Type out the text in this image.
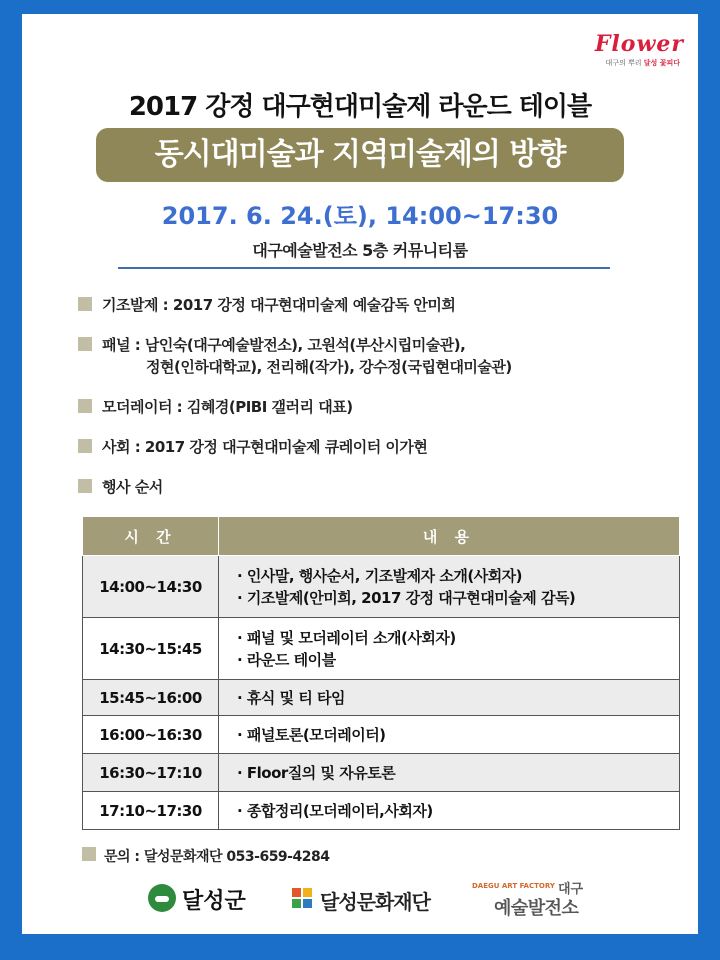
Flower
대구의 뿌리 달성 꽃피다
2017 강정 대구현대미술제 라운드 테이블
동시대미술과 지역미술제의 방향
2017. 6. 24.(토), 14:00~17:30
대구예술발전소 5층 커뮤니티룸
기조발제 : 2017 강정 대구현대미술제 예술감독 안미희
패널 : 남인숙(대구예술발전소), 고원석(부산시립미술관),
정현(인하대학교), 전리해(작가), 강수정(국립현대미술관)
모더레이터 : 김혜경(PIBI 갤러리 대표)
사회 : 2017 강정 대구현대미술제 큐레이터 이가현
행사 순서
시 간	내 용
14:00~14:30	· 인사말, 행사순서, 기조발제자 소개(사회자)
· 기조발제(안미희, 2017 강정 대구현대미술제 감독)

14:30~15:45	· 패널 및 모더레이터 소개(사회자)
· 라운드 테이블

15:45~16:00	· 휴식 및 티 타임

16:00~16:30	· 패널토론(모더레이터)

16:30~17:10	· Floor질의 및 자유토론

17:10~17:30	· 종합정리(모더레이터,사회자)
문의 : 달성문화재단 053-659-4284
달성군	달성문화재단
DAEGU ART FACTORY 대구
예술발전소
